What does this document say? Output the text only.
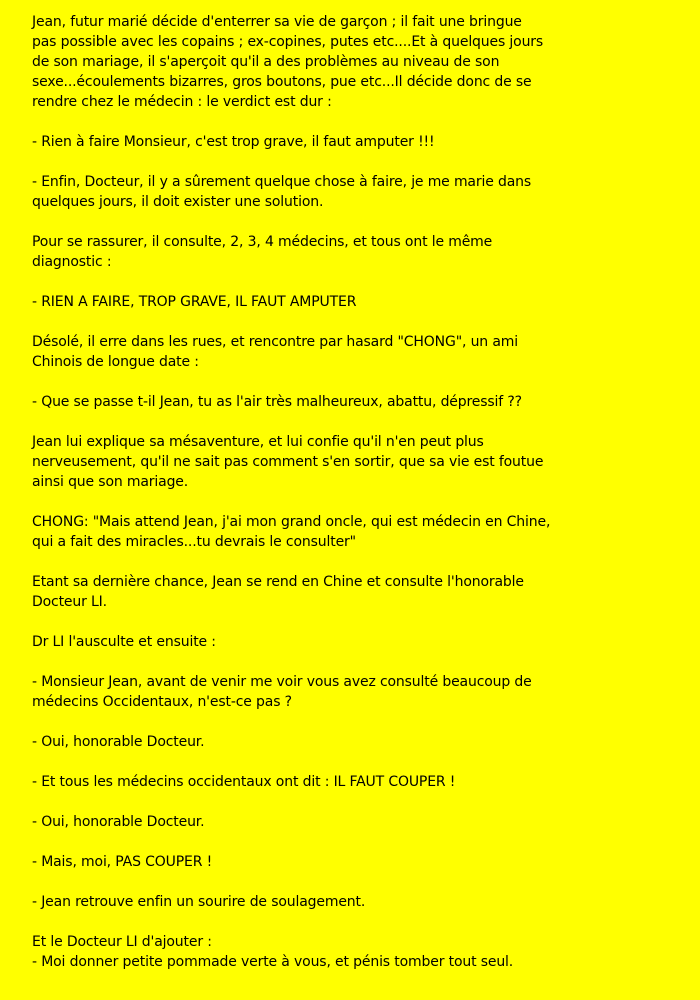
Jean, futur marié décide d'enterrer sa vie de garçon ; il fait une bringue
pas possible avec les copains ; ex-copines, putes etc....Et à quelques jours
de son mariage, il s'aperçoit qu'il a des problèmes au niveau de son
sexe...écoulements bizarres, gros boutons, pue etc...Il décide donc de se
rendre chez le médecin : le verdict est dur :

- Rien à faire Monsieur, c'est trop grave, il faut amputer !!!

- Enfin, Docteur, il y a sûrement quelque chose à faire, je me marie dans
quelques jours, il doit exister une solution.

Pour se rassurer, il consulte, 2, 3, 4 médecins, et tous ont le même
diagnostic :

- RIEN A FAIRE, TROP GRAVE, IL FAUT AMPUTER

Désolé, il erre dans les rues, et rencontre par hasard "CHONG", un ami
Chinois de longue date :

- Que se passe t-il Jean, tu as l'air très malheureux, abattu, dépressif ??

Jean lui explique sa mésaventure, et lui confie qu'il n'en peut plus
nerveusement, qu'il ne sait pas comment s'en sortir, que sa vie est foutue
ainsi que son mariage.

CHONG: "Mais attend Jean, j'ai mon grand oncle, qui est médecin en Chine,
qui a fait des miracles...tu devrais le consulter"

Etant sa dernière chance, Jean se rend en Chine et consulte l'honorable
Docteur LI.

Dr LI l'ausculte et ensuite :

- Monsieur Jean, avant de venir me voir vous avez consulté beaucoup de
médecins Occidentaux, n'est-ce pas ?

- Oui, honorable Docteur.

- Et tous les médecins occidentaux ont dit : IL FAUT COUPER !

- Oui, honorable Docteur.

- Mais, moi, PAS COUPER !

- Jean retrouve enfin un sourire de soulagement.

Et le Docteur LI d'ajouter :
- Moi donner petite pommade verte à vous, et pénis tomber tout seul.
